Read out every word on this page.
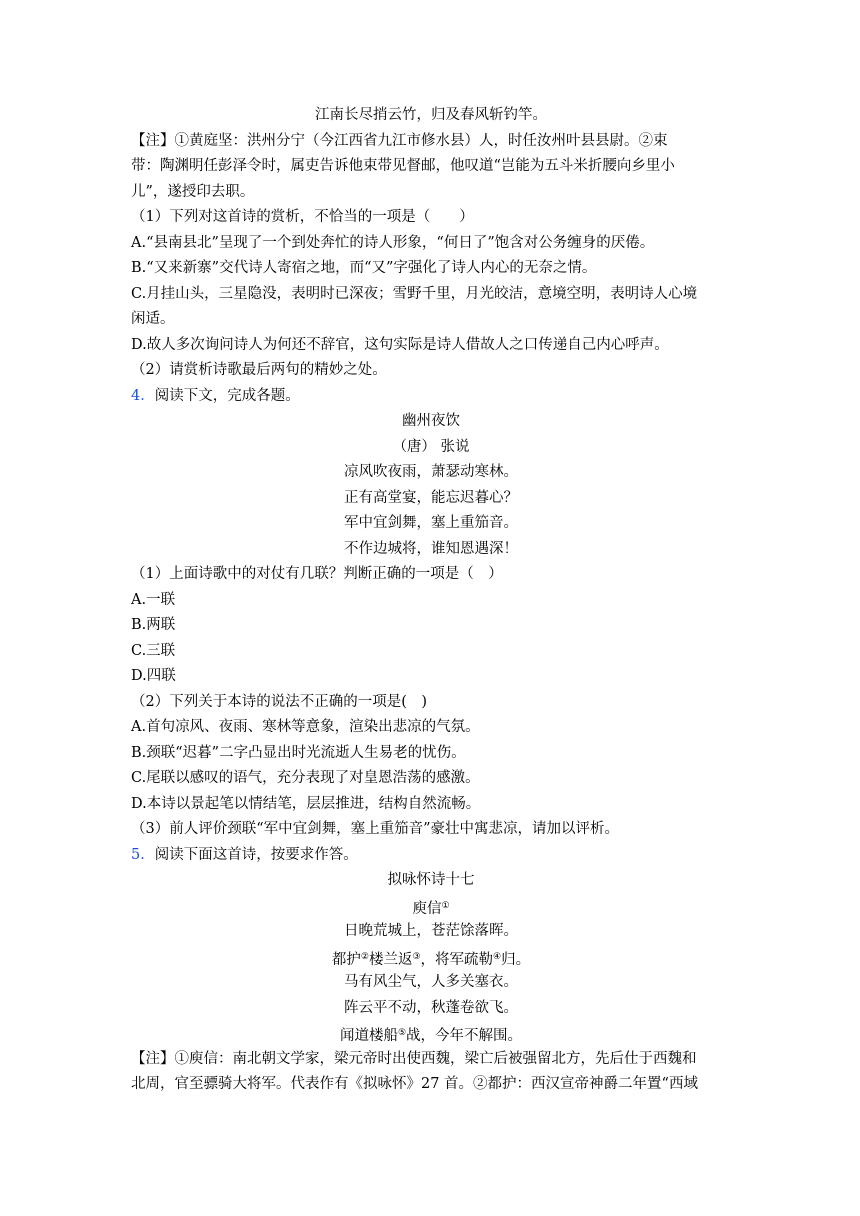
江南长尽捎云竹，归及春风斩钓竿。
【注】①黄庭坚：洪州分宁（今江西省九江市修水县）人，时任汝州叶县县尉。②束
带：陶渊明任彭泽令时，属吏告诉他束带见督邮，他叹道“岂能为五斗米折腰向乡里小
儿”，遂授印去职。
（1）下列对这首诗的赏析，不恰当的一项是（　　）
A.“县南县北”呈现了一个到处奔忙的诗人形象，“何日了”饱含对公务缠身的厌倦。
B.“又来新寨”交代诗人寄宿之地，而“又”字强化了诗人内心的无奈之情。
C.月挂山头，三星隐没，表明时已深夜；雪野千里，月光皎洁，意境空明，表明诗人心境
闲适。
D.故人多次询问诗人为何还不辞官，这句实际是诗人借故人之口传递自己内心呼声。
（2）请赏析诗歌最后两句的精妙之处。
4．阅读下文，完成各题。
幽州夜饮
（唐） 张说
凉风吹夜雨，萧瑟动寒林。
正有高堂宴，能忘迟暮心？
军中宜剑舞，塞上重笳音。
不作边城将，谁知恩遇深！
（1）上面诗歌中的对仗有几联？判断正确的一项是（　）
A.一联
B.两联
C.三联
D.四联
（2）下列关于本诗的说法不正确的一项是(　)
A.首句凉风、夜雨、寒林等意象，渲染出悲凉的气氛。
B.颈联“迟暮”二字凸显出时光流逝人生易老的忧伤。
C.尾联以感叹的语气，充分表现了对皇恩浩荡的感激。
D.本诗以景起笔以情结笔，层层推进，结构自然流畅。
（3）前人评价颈联“军中宜剑舞，塞上重笳音”豪壮中寓悲凉，请加以评析。
5．阅读下面这首诗，按要求作答。
拟咏怀诗十七
庾信①
日晚荒城上，苍茫馀落晖。
都护②楼兰返③，将军疏勒④归。
马有风尘气，人多关塞衣。
阵云平不动，秋蓬卷欲飞。
闻道楼船⑤战，今年不解围。
【注】①庾信：南北朝文学家，梁元帝时出使西魏，梁亡后被强留北方，先后仕于西魏和
北周，官至骠骑大将军。代表作有《拟咏怀》27 首。②都护：西汉宣帝神爵二年置“西域
